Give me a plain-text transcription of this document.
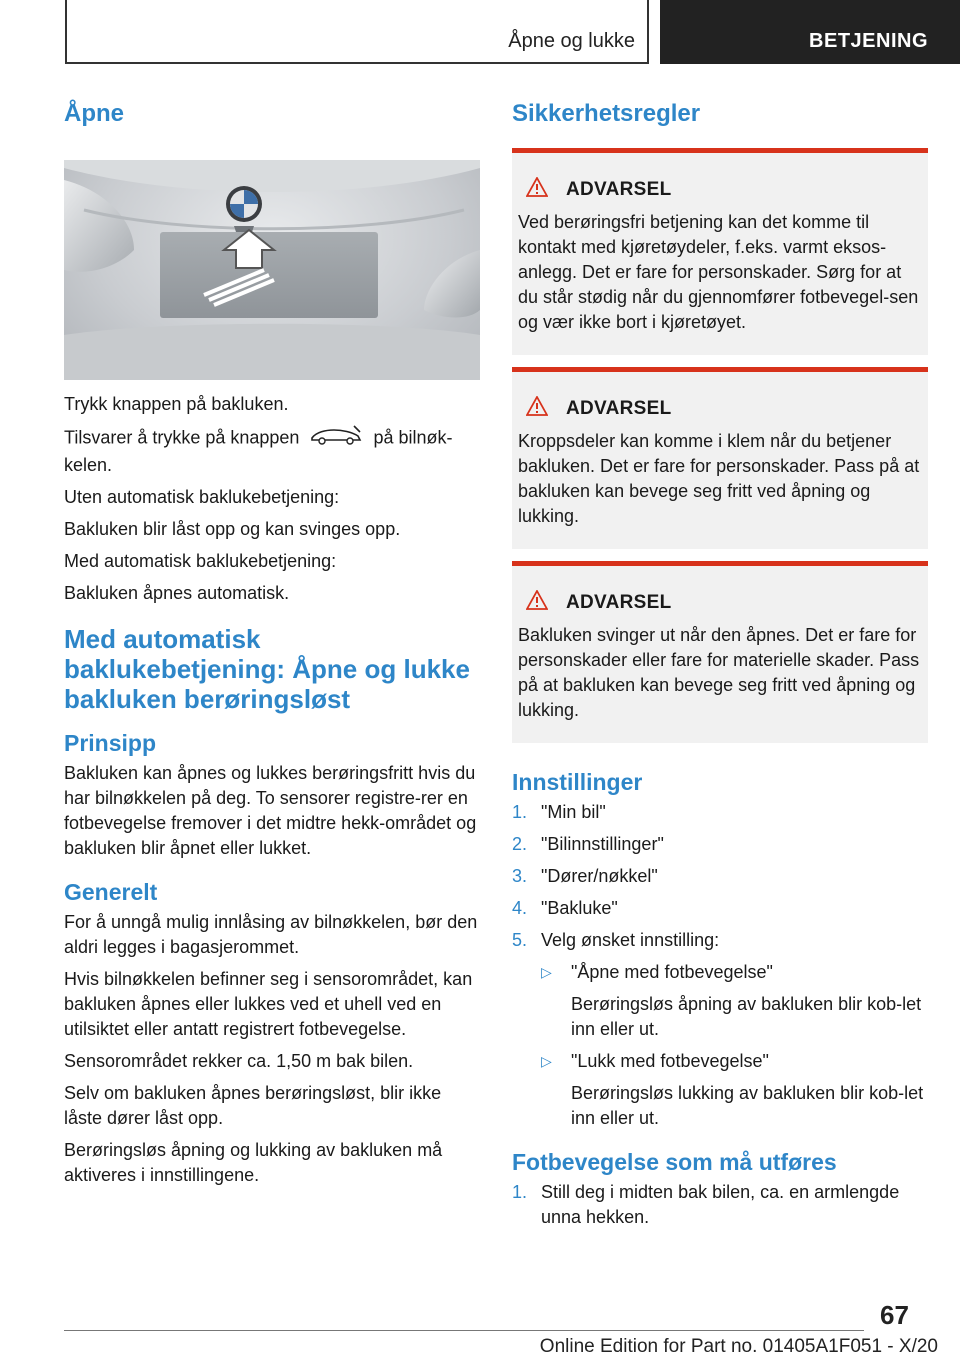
Åpne og lukke	BETJENING
Åpne

Trykk knappen på bakluken.

Tilsvarer å trykke på knappen	på bilnøk-kelen.

Uten automatisk baklukebetjening:

Bakluken blir låst opp og kan svinges opp.

Med automatisk baklukebetjening:

Bakluken åpnes automatisk.

Med automatisk baklukebetjening: Åpne og lukke bakluken berøringsløst
Prinsipp

Bakluken kan åpnes og lukkes berøringsfritt hvis du har bilnøkkelen på deg. To sensorer registre-rer en fotbevegelse fremover i det midtre hekk-området og bakluken blir åpnet eller lukket.

Generelt

For å unngå mulig innlåsing av bilnøkkelen, bør den aldri legges i bagasjerommet.

Hvis bilnøkkelen befinner seg i sensorområdet, kan bakluken åpnes eller lukkes ved et uhell ved en utilsiktet eller antatt registrert fotbevegelse.

Sensorområdet rekker ca. 1,50 m bak bilen.

Selv om bakluken åpnes berøringsløst, blir ikke låste dører låst opp.

Berøringsløs åpning og lukking av bakluken må aktiveres i innstillingene.

Sikkerhetsregler
ADVARSEL

Ved berøringsfri betjening kan det komme til kontakt med kjøretøydeler, f.eks. varmt eksos-anlegg. Det er fare for personskader. Sørg for at du står stødig når du gjennomfører fotbevegel-sen og vær ikke bort i kjøretøyet.

ADVARSEL

Kroppsdeler kan komme i klem når du betjener bakluken. Det er fare for personskader. Pass på at bakluken kan bevege seg fritt ved åpning og lukking.

ADVARSEL

Bakluken svinger ut når den åpnes. Det er fare for personskader eller fare for materielle skader. Pass på at bakluken kan bevege seg fritt ved åpning og lukking.

Innstillinger
1. "Min bil"
2. "Bilinnstillinger"
3. "Dører/nøkkel"
4. "Bakluke"
5. Velg ønsket innstilling:
▷ "Åpne med fotbevegelse"
Berøringsløs åpning av bakluken blir kob-let inn eller ut.
▷ "Lukk med fotbevegelse"
Berøringsløs lukking av bakluken blir kob-let inn eller ut.
Fotbevegelse som må utføres
1. Still deg i midten bak bilen, ca. en armlengde unna hekken.
67
Online Edition for Part no. 01405A1F051 - X/20
